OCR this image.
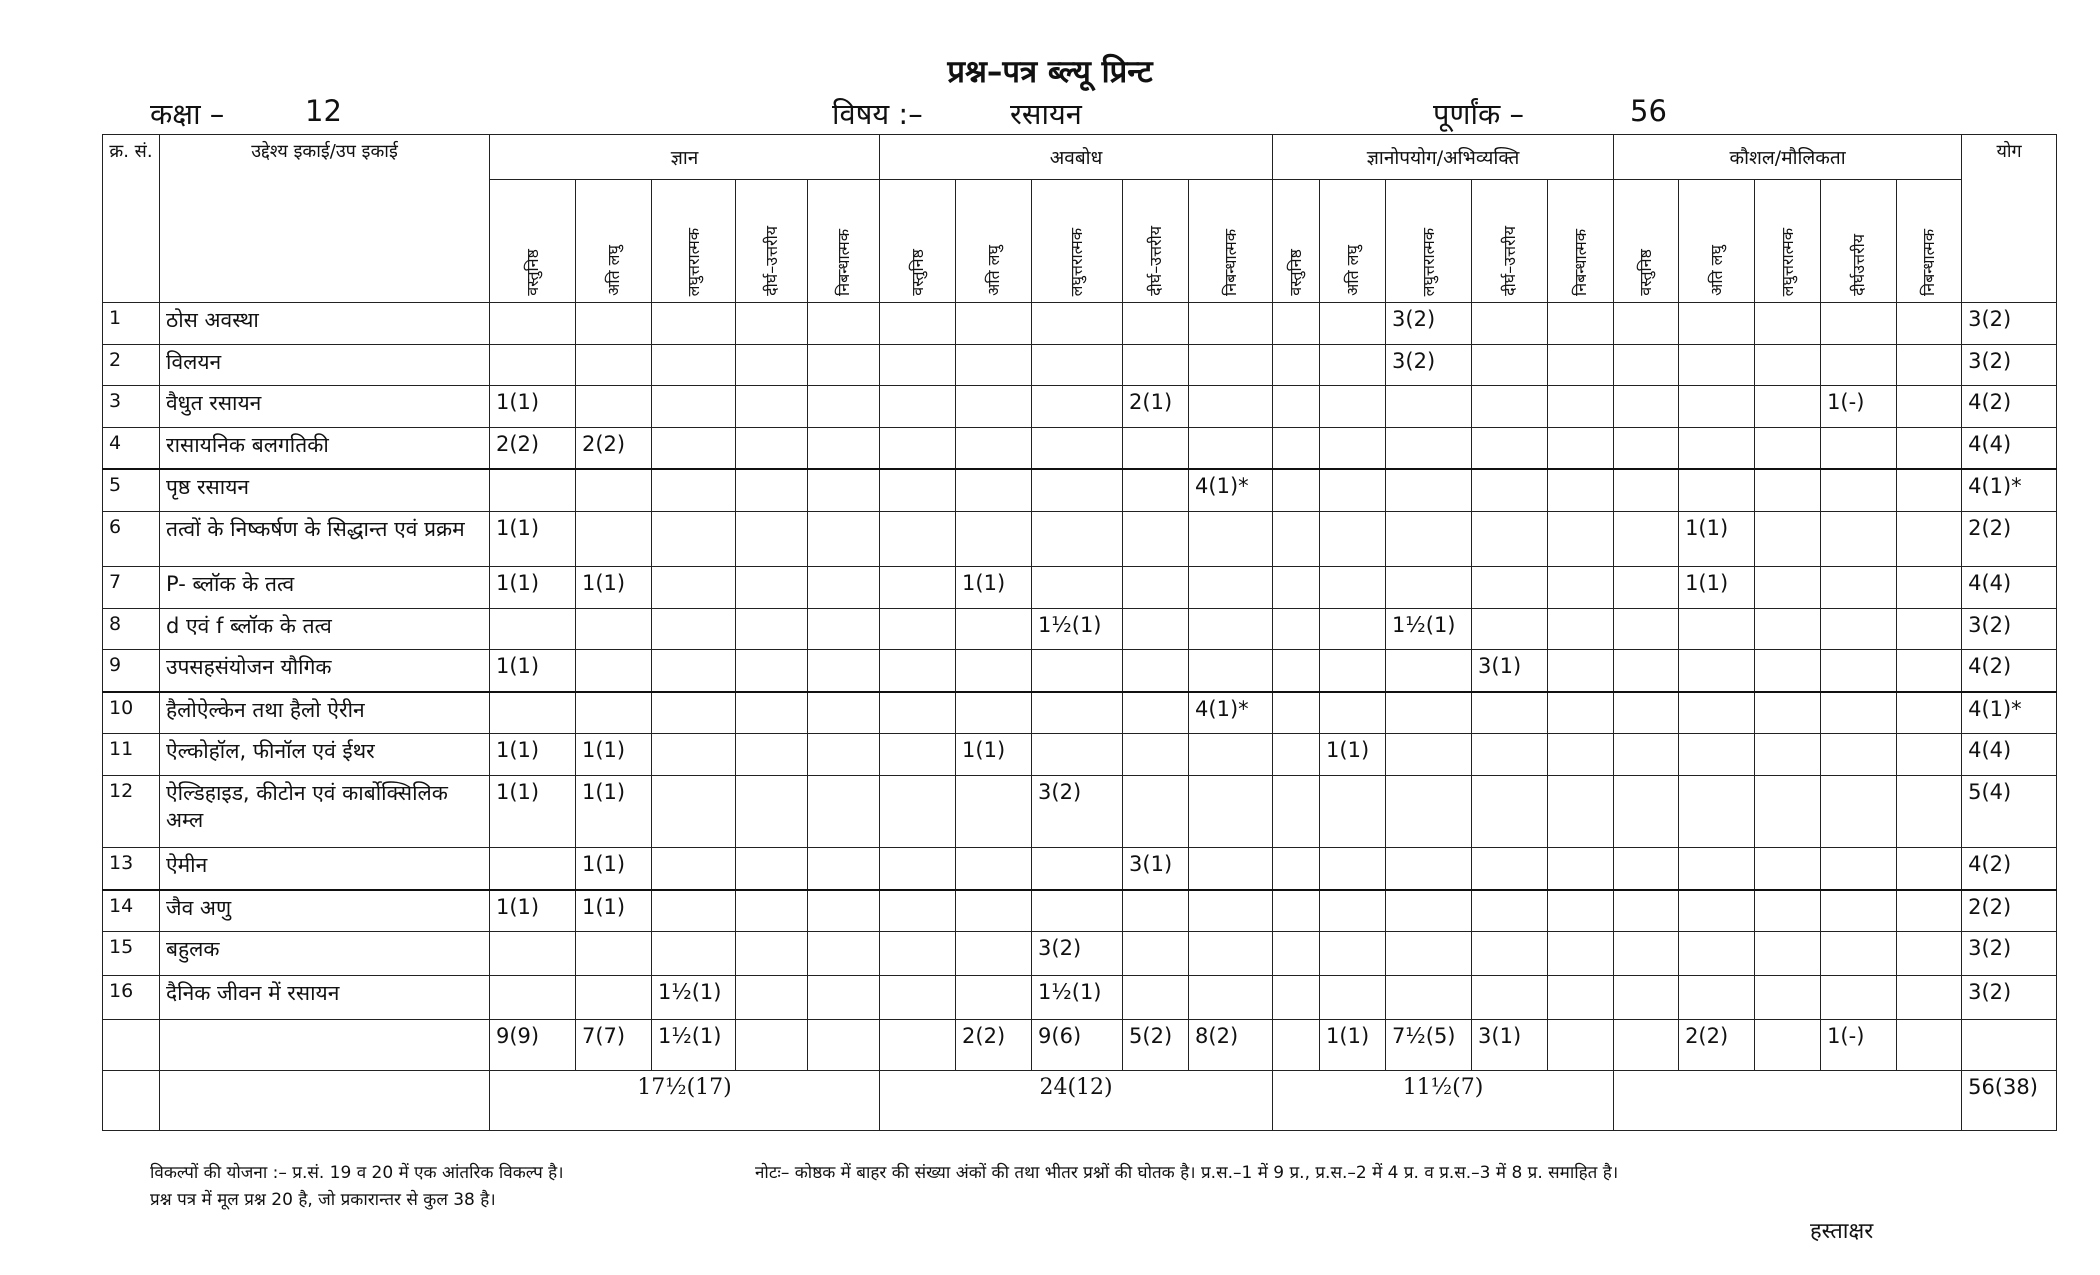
प्रश्न–पत्र ब्ल्यू प्रिन्ट
कक्षा –	12	विषय :–	रसायन	पूर्णांक –	56
क्र. सं.	उद्देश्य इकाई/उप इकाई	ज्ञान					अवबोध					ज्ञानोपयोग/अभिव्यक्ति					कौशल/मौलिकता					योग

		वस्तुनिष्ठ	अति लघु	लघुत्तरात्मक	दीर्घ–उत्तरीय	निबन्धात्मक	वस्तुनिष्ठ	अति लघु	लघुत्तरात्मक	दीर्घ–उत्तरीय	निबन्धात्मक	वस्तुनिष्ठ	अति लघु	लघुत्तरात्मक	दीर्घ–उत्तरीय	निबन्धात्मक	वस्तुनिष्ठ	अति लघु	लघुत्तरात्मक	दीर्घउत्तरीय	निबन्धात्मक	

1	ठोस अवस्था													3(2)								3(2)
2	विलयन													3(2)								3(2)
3	वैधुत रसायन	1(1)								2(1)										1(-)		4(2)
4	रासायनिक बलगतिकी	2(2)	2(2)																			4(4)
5	पृष्ठ रसायन										4(1)*											4(1)*
6	तत्वों के निष्कर्षण के सिद्धान्त एवं प्रक्रम	1(1)																1(1)				2(2)
7	P- ब्लॉक के तत्व	1(1)	1(1)					1(1)										1(1)				4(4)
8	d एवं f ब्लॉक के तत्व								1½(1)					1½(1)								3(2)
9	उपसहसंयोजन यौगिक	1(1)													3(1)							4(2)
10	हैलोऐल्केन तथा हैलो ऐरीन										4(1)*											4(1)*
11	ऐल्कोहॉल, फीनॉल एवं ईथर	1(1)	1(1)					1(1)					1(1)									4(4)
12	ऐल्डिहाइड, कीटोन एवं कार्बोक्सिलिक अम्ल	1(1)	1(1)						3(2)													5(4)
13	ऐमीन		1(1)							3(1)												4(2)
14	जैव अणु	1(1)	1(1)																			2(2)
15	बहुलक								3(2)													3(2)
16	दैनिक जीवन में रसायन			1½(1)					1½(1)													3(2)
		9(9)	7(7)	1½(1)				2(2)	9(6)	5(2)	8(2)		1(1)	7½(5)	3(1)			2(2)		1(-)		
		17½(17)					24(12)					11½(7)										56(38)
विकल्पों की योजना :– प्र.सं. 19 व 20 में एक आंतरिक विकल्प है।
प्रश्न पत्र में मूल प्रश्न 20 है, जो प्रकारान्तर से कुल 38 है।
नोटः– कोष्ठक में बाहर की संख्या अंकों की तथा भीतर प्रश्नों की घोतक है। प्र.स.–1 में 9 प्र., प्र.स.–2 में 4 प्र. व प्र.स.–3 में 8 प्र. समाहित है।
हस्ताक्षर
